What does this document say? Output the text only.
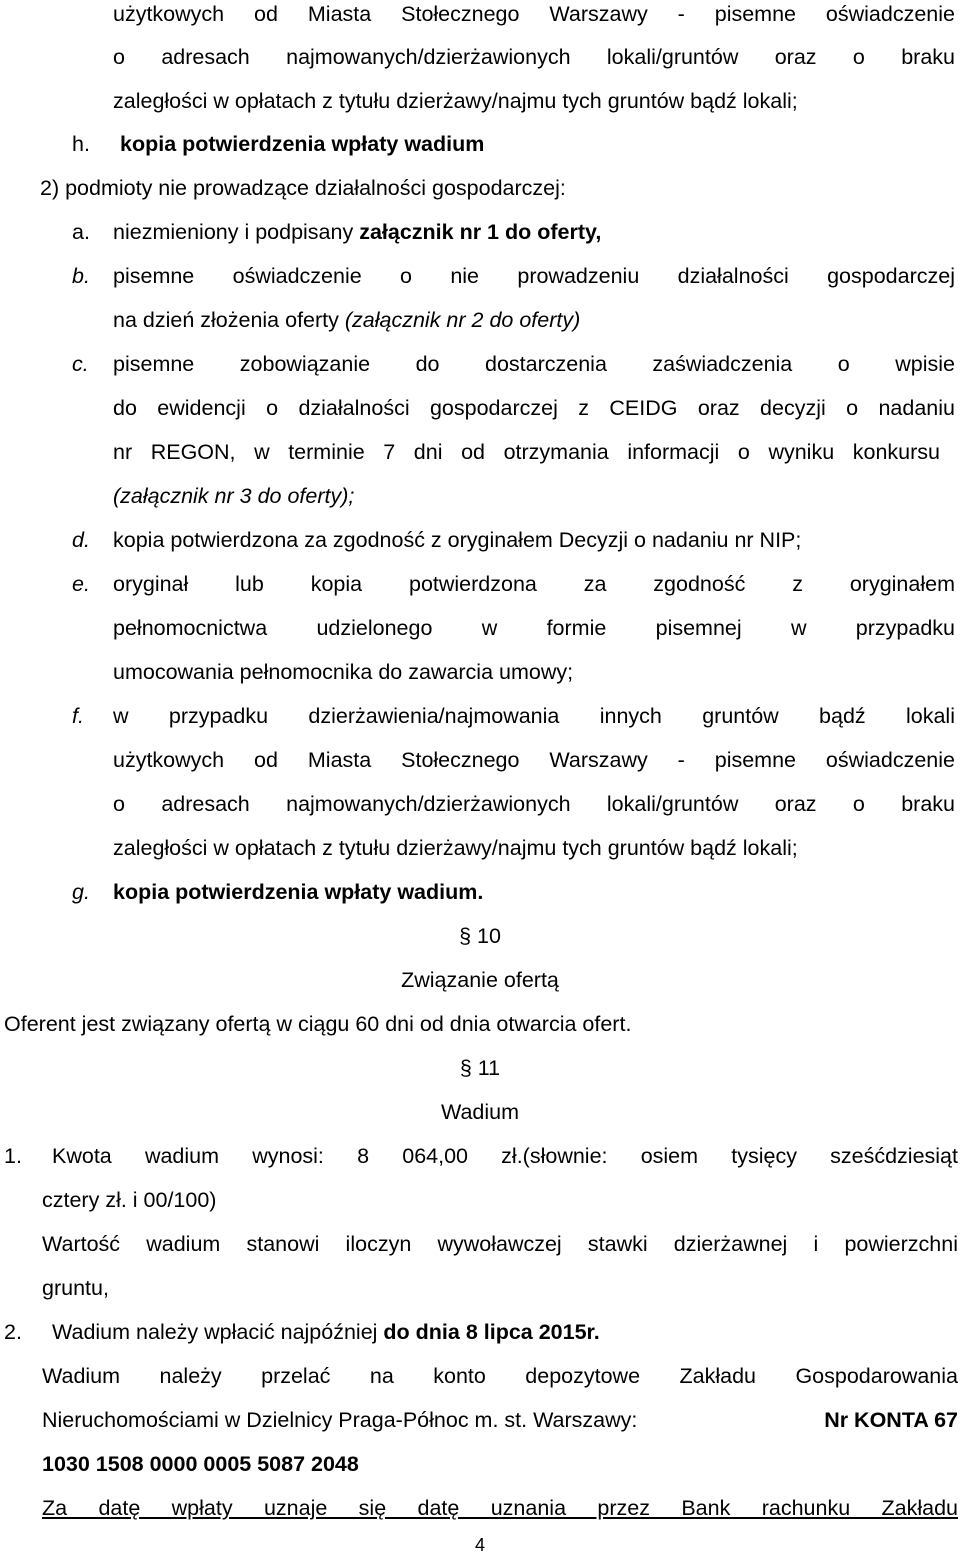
użytkowych od Miasta Stołecznego Warszawy - pisemne oświadczenie
o adresach najmowanych/dzierżawionych lokali/gruntów oraz o braku
zaległości w opłatach z tytułu dzierżawy/najmu tych gruntów bądź lokali;
h. kopia potwierdzenia wpłaty wadium
2) podmioty nie prowadzące działalności gospodarczej:
a. niezmieniony i podpisany załącznik nr 1 do oferty,
b. pisemne oświadczenie o nie prowadzeniu działalności gospodarczej
na dzień złożenia oferty (załącznik nr 2 do oferty)
c. pisemne zobowiązanie do dostarczenia zaświadczenia o wpisie
do ewidencji o działalności gospodarczej z CEIDG oraz decyzji o nadaniu
nr REGON, w terminie 7 dni od otrzymania informacji o wyniku konkursu
(załącznik nr 3 do oferty);
d. kopia potwierdzona za zgodność z oryginałem Decyzji o nadaniu nr NIP;
e. oryginał lub kopia potwierdzona za zgodność z oryginałem
pełnomocnictwa udzielonego w formie pisemnej w przypadku
umocowania pełnomocnika do zawarcia umowy;
f. w przypadku dzierżawienia/najmowania innych gruntów bądź lokali
użytkowych od Miasta Stołecznego Warszawy - pisemne oświadczenie
o adresach najmowanych/dzierżawionych lokali/gruntów oraz o braku
zaległości w opłatach z tytułu dzierżawy/najmu tych gruntów bądź lokali;
g. kopia potwierdzenia wpłaty wadium.
§ 10
Związanie ofertą
Oferent jest związany ofertą w ciągu 60 dni od dnia otwarcia ofert.
§ 11
Wadium
1. Kwota wadium wynosi: 8 064,00 zł.(słownie: osiem tysięcy sześćdziesiąt
cztery zł. i 00/100)
Wartość wadium stanowi iloczyn wywoławczej stawki dzierżawnej i powierzchni
gruntu,
2. Wadium należy wpłacić najpóźniej do dnia 8 lipca 2015r.
Wadium należy przelać na konto depozytowe Zakładu Gospodarowania
Nieruchomościami w Dzielnicy Praga-Północ m. st. Warszawy:	Nr KONTA 67
1030 1508 0000 0005 5087 2048
Za datę wpłaty uznaje się datę uznania przez Bank rachunku Zakładu
4
